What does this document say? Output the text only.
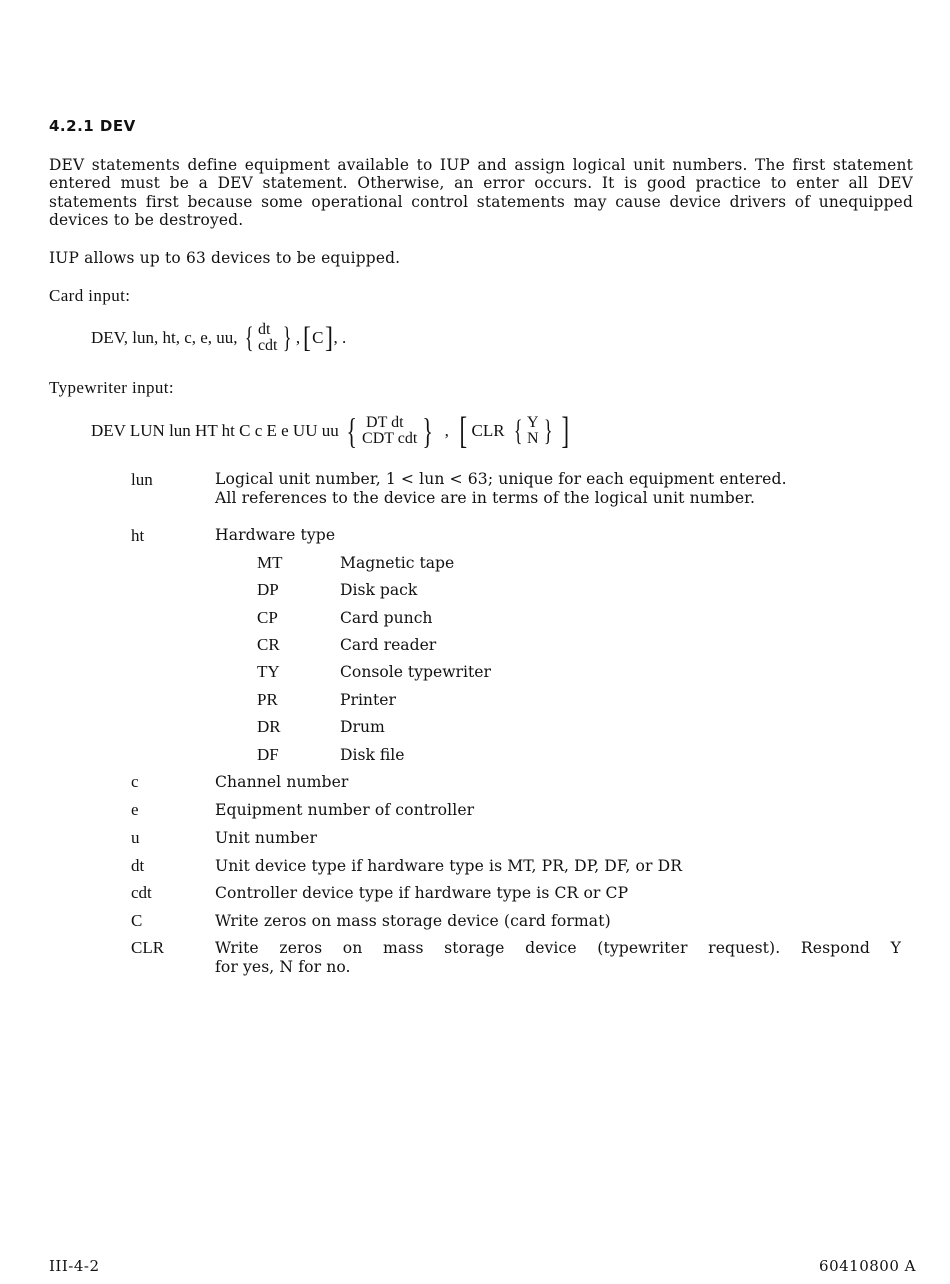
4.2.1 DEV
DEV statements define equipment available to IUP and assign logical unit numbers. The first statement entered must be a DEV statement. Otherwise, an error occurs. It is good practice to enter all DEV statements first because some operational control statements may cause device drivers of unequipped devices to be destroyed.
IUP allows up to 63 devices to be equipped.
Card input:
DEV, lun, ht, c, e, uu, { dt
cdt } , [ C ] , .
Typewriter input:
DEV LUN lun HT ht C c E e UU uu { DT dt
CDT cdt } , [ CLR { Y
N } ]
lun	Logical unit number, 1 < lun < 63; unique for each equipment entered.
All references to the device are in terms of the logical unit number.
ht	Hardware type
MT	Magnetic tape
DP	Disk pack
CP	Card punch
CR	Card reader
TY	Console typewriter
PR	Printer
DR	Drum
DF	Disk file
c	Channel number
e	Equipment number of controller
u	Unit number
dt	Unit device type if hardware type is MT, PR, DP, DF, or DR
cdt	Controller device type if hardware type is CR or CP
C	Write zeros on mass storage device (card format)
CLR	Write zeros on mass storage device (typewriter request). Respond Y
for yes, N for no.
III-4-2	60410800 A
